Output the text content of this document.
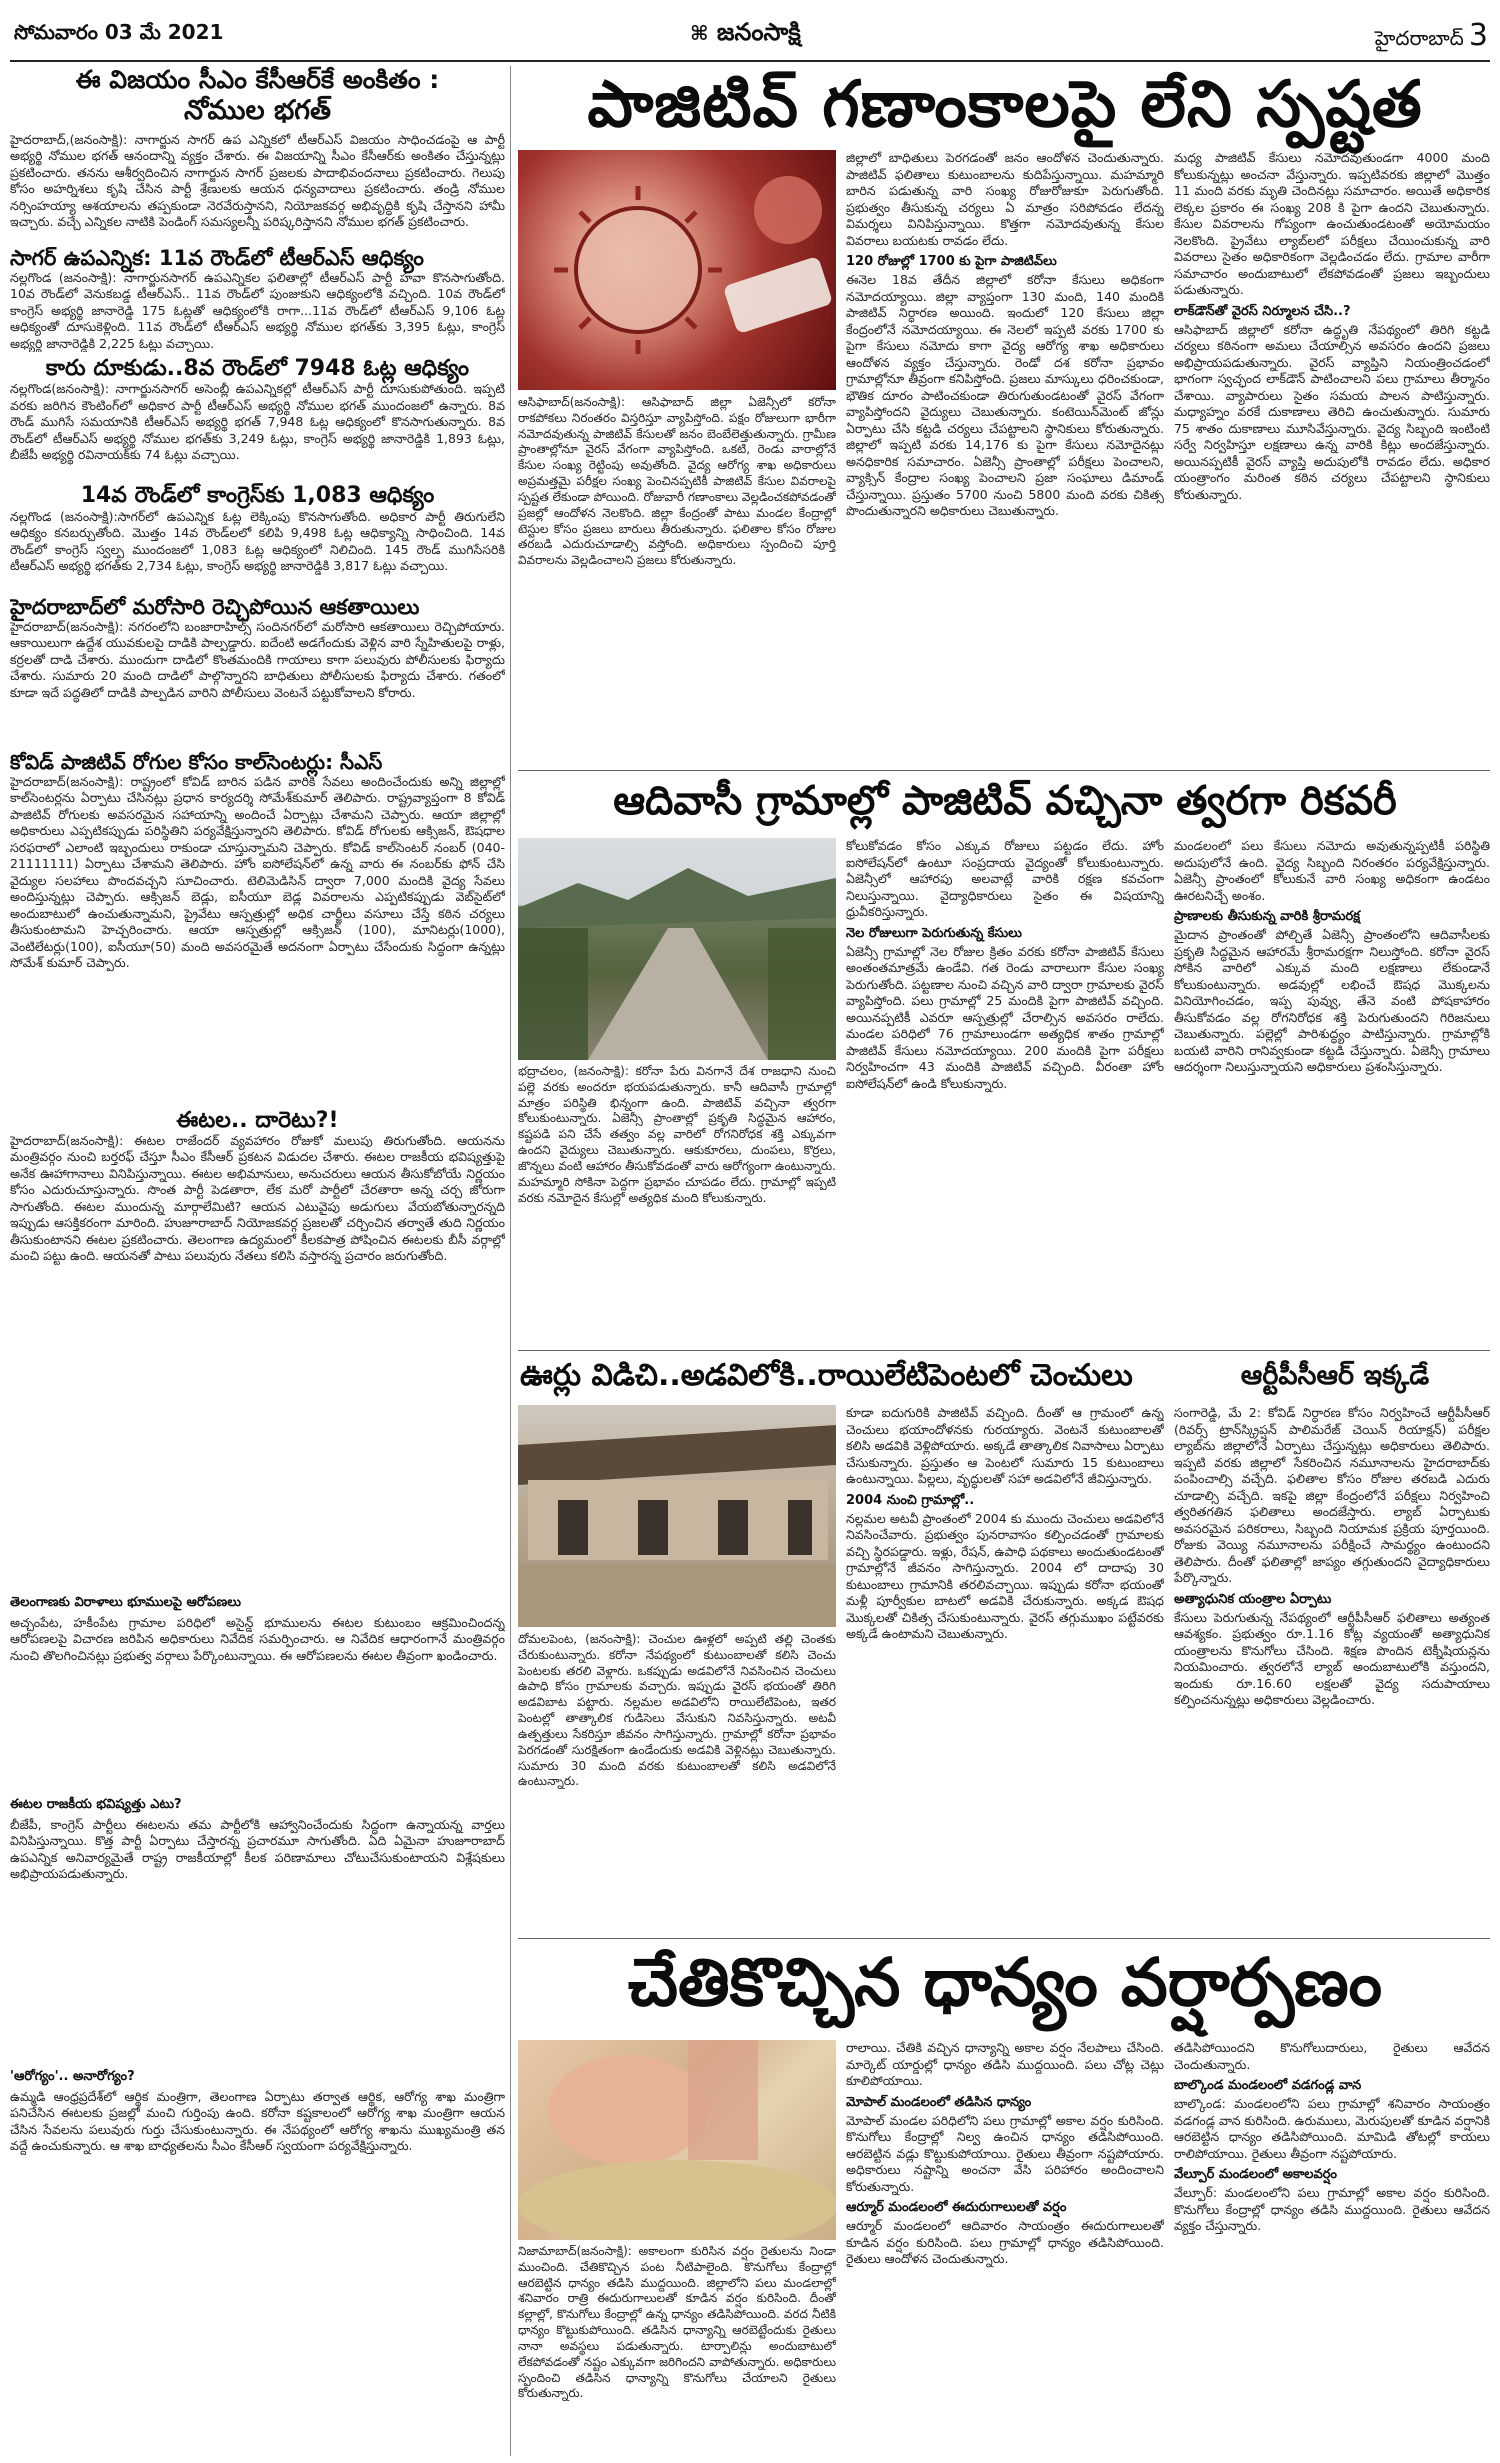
సోమవారం 03 మే 2021	⌘ జనంసాక్షి	హైదరాబాద్ 3
ఈ విజయం సీఎం కేసీఆర్‌కే అంకితం :
నోముల భగత్
హైదరాబాద్‌,(జనంసాక్షి): నాగార్జున సాగర్‌ ఉప ఎన్నికలో టీఆర్‌ఎస్‌ విజయం సాధించడంపై ఆ పార్టీ అభ్యర్థి నోముల భగత్‌ ఆనందాన్ని వ్యక్తం చేశారు. ఈ విజయాన్ని సీఎం కేసీఆర్‌కు అంకితం చేస్తున్నట్లు ప్రకటించారు. తనను ఆశీర్వదించిన నాగార్జున సాగర్‌ ప్రజలకు పాదాభివందనాలు ప్రకటించారు. గెలుపు కోసం అహర్నిశలు కృషి చేసిన పార్టీ శ్రేణులకు ఆయన ధన్యవాదాలు ప్రకటించారు. తండ్రి నోముల నర్సింహయ్యా ఆశయాలను తప్పకుండా నెరవేరుస్తానని, నియోజకవర్గ అభివృద్ధికి కృషి చేస్తానని హామీ ఇచ్చారు. వచ్చే ఎన్నికల నాటికి పెండింగ్‌ సమస్యలన్నీ పరిష్కరిస్తానని నోముల భగత్‌ ప్రకటించారు.
సాగర్‌ ఉపఎన్నిక: 11వ రౌండ్‌లో టీఆర్‌ఎస్‌ ఆధిక్యం
నల్లగొండ (జనంసాక్షి): నాగార్జునసాగర్‌ ఉపఎన్నికల ఫలితాల్లో టీఆర్‌ఎస్‌ పార్టీ హవా కొనసాగుతోంది. 10వ రౌండ్‌లో వెనుకబడ్డ టీఆర్‌ఎస్‌.. 11వ రౌండ్‌లో పుంజుకుని ఆధిక్యంలోకి వచ్చింది. 10వ రౌండ్‌లో కాంగ్రెస్‌ అభ్యర్థి జానారెడ్డి 175 ఓట్లతో ఆధిక్యంలోకి రాగా...11వ రౌండ్‌లో టీఆర్‌ఎస్‌ 9,106 ఓట్ల ఆధిక్యంతో దూసుకెళ్లింది. 11వ రౌండ్‌లో టీఆర్‌ఎస్‌ అభ్యర్థి నోముల భగత్‌కు 3,395 ఓట్లు, కాంగ్రెస్‌ అభ్యర్థి జానారెడ్డికి 2,225 ఓట్లు వచ్చాయి.
కారు దూకుడు..8వ రౌండ్‌లో 7948 ఓట్ల ఆధిక్యం
నల్లగొండ(జనంసాక్షి): నాగార్జునసాగర్‌ అసెంబ్లీ ఉపఎన్నికల్లో టీఆర్‌ఎస్‌ పార్టీ దూసుకుపోతుంది. ఇప్పటి వరకు జరిగిన కౌంటింగ్‌లో అధికార పార్టీ టీఆర్‌ఎస్‌ అభ్యర్థి నోముల భగత్‌ ముందంజలో ఉన్నారు. 8వ రౌండ్‌ ముగిసే సమయానికి టీఆర్‌ఎస్‌ అభ్యర్థి భగత్‌ 7,948 ఓట్ల ఆధిక్యంలో కొనసాగుతున్నారు. 8వ రౌండ్‌లో టీఆర్‌ఎస్‌ అభ్యర్థి నోముల భగత్‌కు 3,249 ఓట్లు, కాంగ్రెస్‌ అభ్యర్థి జానారెడ్డికి 1,893 ఓట్లు, బీజేపీ అభ్యర్థి రవినాయక్‌కు 74 ఓట్లు వచ్చాయి.
14వ రౌండ్‌లో కాంగ్రెస్‌కు 1,083 ఆధిక్యం
నల్లగొండ (జనంసాక్షి):సాగర్‌లో ఉపఎన్నిక ఓట్ల లెక్కింపు కొనసాగుతోంది. అధికార పార్టీ తిరుగులేని ఆధిక్యం కనబర్చుతోంది. మొత్తం 14వ రౌండ్‌లలో కలిపి 9,498 ఓట్ల ఆధిక్యాన్ని సాధించింది. 14వ రౌండ్‌లో కాంగ్రెస్‌ స్వల్ప ముందంజలో 1,083 ఓట్ల ఆధిక్యంలో నిలిచింది. 145 రౌండ్‌ ముగిసేసరికి టీఆర్‌ఎస్‌ అభ్యర్థి భగత్‌కు 2,734 ఓట్లు, కాంగ్రెస్‌ అభ్యర్థి జానారెడ్డికి 3,817 ఓట్లు వచ్చాయి.
హైదరాబాద్‌లో మరోసారి రెచ్చిపోయిన ఆకతాయిలు
హైదరాబాద్‌(జనంసాక్షి): నగరంలోని బంజారాహిల్స్‌ సందినగర్‌లో మరోసారి ఆకతాయిలు రెచ్చిపోయారు. ఆకాయిలుగా ఉద్దేశ యువకులపై దాడికి పాల్పడ్డారు. ఐదేంటి అడగేందుకు వెళ్లిన వారి స్నేహితులపై రాళ్లు, కర్రలతో దాడి చేశారు. ముందుగా దాడిలో కొంతమందికి గాయాలు కాగా పలువురు పోలీసులకు ఫిర్యాదు చేశారు. సుమారు 20 మంది దాడిలో పాల్గొన్నారని బాధితులు పోలీసులకు ఫిర్యాదు చేశారు. గతంలో కూడా ఇదే పద్ధతిలో దాడికి పాల్పడిన వారిని పోలీసులు వెంటనే పట్టుకోవాలని కోరారు.
కోవిడ్‌ పాజిటివ్‌ రోగుల కోసం కాల్‌సెంటర్లు: సీఎస్‌
హైదరాబాద్‌(జనంసాక్షి): రాష్ట్రంలో కోవిడ్‌ బారిన పడిన వారికి సేవలు అందించేందుకు అన్ని జిల్లాల్లో కాల్‌సెంటర్లను ఏర్పాటు చేసినట్లు ప్రధాన కార్యదర్శి సోమేశ్‌కుమార్‌ తెలిపారు. రాష్ట్రవ్యాప్తంగా 8 కోవిడ్‌ పాజిటివ్‌ రోగులకు అవసరమైన సహాయాన్ని అందించే ఏర్పాట్లు చేశామని చెప్పారు. ఆయా జిల్లాల్లో అధికారులు ఎప్పటికప్పుడు పరిస్థితిని పర్యవేక్షిస్తున్నారని తెలిపారు. కోవిడ్‌ రోగులకు ఆక్సిజన్‌, ఔషధాల సరఫరాలో ఎలాంటి ఇబ్బందులు రాకుండా చూస్తున్నామని చెప్పారు. కోవిడ్‌ కాల్‌సెంటర్‌ నంబర్‌ (040-21111111) ఏర్పాటు చేశామని తెలిపారు. హోం ఐసోలేషన్‌లో ఉన్న వారు ఈ నంబర్‌కు ఫోన్‌ చేసి వైద్యుల సలహాలు పొందవచ్చని సూచించారు. టెలిమెడిసిన్‌ ద్వారా 7,000 మందికి వైద్య సేవలు అందిస్తున్నట్లు చెప్పారు. ఆక్సిజన్‌ బెడ్లు, ఐసీయూ బెడ్ల వివరాలను ఎప్పటికప్పుడు వెబ్‌సైట్‌లో అందుబాటులో ఉంచుతున్నామని, ప్రైవేటు ఆస్పత్రుల్లో అధిక చార్జీలు వసూలు చేస్తే కఠిన చర్యలు తీసుకుంటామని హెచ్చరించారు. ఆయా ఆస్పత్రుల్లో ఆక్సిజన్‌ (100), మానిటర్లు(1000), వెంటిలేటర్లు(100), ఐసీయూ(50) మంది అవసరమైతే అదనంగా ఏర్పాటు చేసేందుకు సిద్ధంగా ఉన్నట్లు సోమేశ్‌ కుమార్‌ చెప్పారు.
ఈటల.. దారెటు?!
హైదరాబాద్‌(జనంసాక్షి): ఈటల రాజేందర్‌ వ్యవహారం రోజుకో మలుపు తిరుగుతోంది. ఆయనను మంత్రివర్గం నుంచి బర్తరఫ్‌ చేస్తూ సీఎం కేసీఆర్‌ ప్రకటన విడుదల చేశారు. ఈటల రాజకీయ భవిష్యత్తుపై అనేక ఊహాగానాలు వినిపిస్తున్నాయి. ఈటల అభిమానులు, అనుచరులు ఆయన తీసుకోబోయే నిర్ణయం కోసం ఎదురుచూస్తున్నారు. సొంత పార్టీ పెడతారా, లేక మరో పార్టీలో చేరతారా అన్న చర్చ జోరుగా సాగుతోంది. ఈటల ముందున్న మార్గాలేమిటి? ఆయన ఎటువైపు అడుగులు వేయబోతున్నారన్నది ఇప్పుడు ఆసక్తికరంగా మారింది. హుజూరాబాద్‌ నియోజకవర్గ ప్రజలతో చర్చించిన తర్వాతే తుది నిర్ణయం తీసుకుంటానని ఈటల ప్రకటించారు. తెలంగాణ ఉద్యమంలో కీలకపాత్ర పోషించిన ఈటలకు బీసీ వర్గాల్లో మంచి పట్టు ఉంది. ఆయనతో పాటు పలువురు నేతలు కలిసి వస్తారన్న ప్రచారం జరుగుతోంది.
తెలంగాణకు విరాళాలు భూములపై ఆరోపణలు
అచ్చంపేట, హకీంపేట గ్రామాల పరిధిలో అసైన్డ్‌ భూములను ఈటల కుటుంబం ఆక్రమించిందన్న ఆరోపణలపై విచారణ జరిపిన అధికారులు నివేదిక సమర్పించారు. ఆ నివేదిక ఆధారంగానే మంత్రివర్గం నుంచి తొలగించినట్లు ప్రభుత్వ వర్గాలు పేర్కొంటున్నాయి. ఈ ఆరోపణలను ఈటల తీవ్రంగా ఖండించారు.
ఈటల రాజకీయ భవిష్యత్తు ఎటు?
బీజేపీ, కాంగ్రెస్‌ పార్టీలు ఈటలను తమ పార్టీలోకి ఆహ్వానించేందుకు సిద్ధంగా ఉన్నాయన్న వార్తలు వినిపిస్తున్నాయి. కొత్త పార్టీ ఏర్పాటు చేస్తారన్న ప్రచారమూ సాగుతోంది. ఏది ఏమైనా హుజూరాబాద్‌ ఉపఎన్నిక అనివార్యమైతే రాష్ట్ర రాజకీయాల్లో కీలక పరిణామాలు చోటుచేసుకుంటాయని విశ్లేషకులు అభిప్రాయపడుతున్నారు.
'ఆరోగ్యం'.. అనారోగ్యం?
ఉమ్మడి ఆంధ్రప్రదేశ్‌లో ఆర్థిక మంత్రిగా, తెలంగాణ ఏర్పాటు తర్వాత ఆర్థిక, ఆరోగ్య శాఖ మంత్రిగా పనిచేసిన ఈటలకు ప్రజల్లో మంచి గుర్తింపు ఉంది. కరోనా కష్టకాలంలో ఆరోగ్య శాఖ మంత్రిగా ఆయన చేసిన సేవలను పలువురు గుర్తు చేసుకుంటున్నారు. ఈ నేపథ్యంలో ఆరోగ్య శాఖను ముఖ్యమంత్రి తన వద్దే ఉంచుకున్నారు. ఆ శాఖ బాధ్యతలను సీఎం కేసీఆర్‌ స్వయంగా పర్యవేక్షిస్తున్నారు.
పాజిటివ్‌ గణాంకాలపై లేని స్పష్టత
ఆసిఫాబాద్‌(జనంసాక్షి): ఆసిఫాబాద్‌ జిల్లా ఏజెన్సీలో కరోనా రాకపోకలు నిరంతరం విస్తరిస్తూ వ్యాపిస్తోంది. పక్షం రోజులుగా భారీగా నమోదవుతున్న పాజిటివ్‌ కేసులతో జనం బెంబేలెత్తుతున్నారు. గ్రామీణ ప్రాంతాల్లోనూ వైరస్‌ వేగంగా వ్యాపిస్తోంది. ఒకటి, రెండు వారాల్లోనే కేసుల సంఖ్య రెట్టింపు అవుతోంది. వైద్య ఆరోగ్య శాఖ అధికారులు అప్రమత్తమై పరీక్షల సంఖ్య పెంచినప్పటికీ పాజిటివ్‌ కేసుల వివరాలపై స్పష్టత లేకుండా పోయింది. రోజువారీ గణాంకాలు వెల్లడించకపోవడంతో ప్రజల్లో ఆందోళన నెలకొంది. జిల్లా కేంద్రంతో పాటు మండల కేంద్రాల్లో టెస్టుల కోసం ప్రజలు బారులు తీరుతున్నారు. ఫలితాల కోసం రోజుల తరబడి ఎదురుచూడాల్సి వస్తోంది. అధికారులు స్పందించి పూర్తి వివరాలను వెల్లడించాలని ప్రజలు కోరుతున్నారు.

జిల్లాలో బాధితులు పెరగడంతో జనం ఆందోళన చెందుతున్నారు. పాజిటివ్‌ ఫలితాలు కుటుంబాలను కుదిపేస్తున్నాయి. మహమ్మారి బారిన పడుతున్న వారి సంఖ్య రోజురోజుకూ పెరుగుతోంది. ప్రభుత్వం తీసుకున్న చర్యలు ఏ మాత్రం సరిపోవడం లేదన్న విమర్శలు వినిపిస్తున్నాయి. కొత్తగా నమోదవుతున్న కేసుల వివరాలు బయటకు రావడం లేదు.

120 రోజుల్లో 1700 కు పైగా పాజిటివ్‌లు

ఈనెల 18వ తేదీన జిల్లాలో కరోనా కేసులు అధికంగా నమోదయ్యాయి. జిల్లా వ్యాప్తంగా 130 మంది, 140 మందికి పాజిటివ్‌ నిర్ధారణ అయింది. ఇందులో 120 కేసులు జిల్లా కేంద్రంలోనే నమోదయ్యాయి. ఈ నెలలో ఇప్పటి వరకు 1700 కు పైగా కేసులు నమోదు కాగా వైద్య ఆరోగ్య శాఖ అధికారులు ఆందోళన వ్యక్తం చేస్తున్నారు. రెండో దశ కరోనా ప్రభావం గ్రామాల్లోనూ తీవ్రంగా కనిపిస్తోంది. ప్రజలు మాస్కులు ధరించకుండా, భౌతిక దూరం పాటించకుండా తిరుగుతుండటంతో వైరస్‌ వేగంగా వ్యాపిస్తోందని వైద్యులు చెబుతున్నారు. కంటెయిన్‌మెంట్‌ జోన్లు ఏర్పాటు చేసి కట్టడి చర్యలు చేపట్టాలని స్థానికులు కోరుతున్నారు. జిల్లాలో ఇప్పటి వరకు 14,176 కు పైగా కేసులు నమోదైనట్లు అనధికారిక సమాచారం. ఏజెన్సీ ప్రాంతాల్లో పరీక్షలు పెంచాలని, వ్యాక్సిన్‌ కేంద్రాల సంఖ్య పెంచాలని ప్రజా సంఘాలు డిమాండ్‌ చేస్తున్నాయి. ప్రస్తుతం 5700 నుంచి 5800 మంది వరకు చికిత్స పొందుతున్నారని అధికారులు చెబుతున్నారు.

మధ్య పాజిటివ్‌ కేసులు నమోదవుతుండగా 4000 మంది కోలుకున్నట్లు అంచనా వేస్తున్నారు. ఇప్పటివరకు జిల్లాలో మొత్తం 11 మంది వరకు మృతి చెందినట్లు సమాచారం. అయితే అధికారిక లెక్కల ప్రకారం ఈ సంఖ్య 208 కి పైగా ఉందని చెబుతున్నారు. కేసుల వివరాలను గోప్యంగా ఉంచుతుండటంతో అయోమయం నెలకొంది. ప్రైవేటు ల్యాబ్‌లలో పరీక్షలు చేయించుకున్న వారి వివరాలు సైతం అధికారికంగా వెల్లడించడం లేదు. గ్రామాల వారీగా సమాచారం అందుబాటులో లేకపోవడంతో ప్రజలు ఇబ్బందులు పడుతున్నారు.

లాక్‌డౌన్‌తో వైరస్‌ నిర్మూలన చేసి..?

ఆసిఫాబాద్‌ జిల్లాలో కరోనా ఉద్ధృతి నేపథ్యంలో తిరిగి కట్టడి చర్యలు కఠినంగా అమలు చేయాల్సిన అవసరం ఉందని ప్రజలు అభిప్రాయపడుతున్నారు. వైరస్‌ వ్యాప్తిని నియంత్రించడంలో భాగంగా స్వచ్ఛంద లాక్‌డౌన్‌ పాటించాలని పలు గ్రామాలు తీర్మానం చేశాయి. వ్యాపారులు సైతం సమయ పాలన పాటిస్తున్నారు. మధ్యాహ్నం వరకే దుకాణాలు తెరిచి ఉంచుతున్నారు. సుమారు 75 శాతం దుకాణాలు మూసివేస్తున్నారు. వైద్య సిబ్బంది ఇంటింటి సర్వే నిర్వహిస్తూ లక్షణాలు ఉన్న వారికి కిట్లు అందజేస్తున్నారు. అయినప్పటికీ వైరస్‌ వ్యాప్తి అదుపులోకి రావడం లేదు. అధికార యంత్రాంగం మరింత కఠిన చర్యలు చేపట్టాలని స్థానికులు కోరుతున్నారు.

ఆదివాసీ గ్రామాల్లో పాజిటివ్‌ వచ్చినా త్వరగా రికవరీ
భద్రాచలం, (జనంసాక్షి): కరోనా పేరు వినగానే దేశ రాజధాని నుంచి పల్లె వరకు అందరూ భయపడుతున్నారు. కానీ ఆదివాసీ గ్రామాల్లో మాత్రం పరిస్థితి భిన్నంగా ఉంది. పాజిటివ్‌ వచ్చినా త్వరగా కోలుకుంటున్నారు. ఏజెన్సీ ప్రాంతాల్లో ప్రకృతి సిద్ధమైన ఆహారం, కష్టపడి పని చేసే తత్వం వల్ల వారిలో రోగనిరోధక శక్తి ఎక్కువగా ఉందని వైద్యులు చెబుతున్నారు. ఆకుకూరలు, దుంపలు, కొర్రలు, జొన్నలు వంటి ఆహారం తీసుకోవడంతో వారు ఆరోగ్యంగా ఉంటున్నారు. మహమ్మారి సోకినా పెద్దగా ప్రభావం చూపడం లేదు. గ్రామాల్లో ఇప్పటి వరకు నమోదైన కేసుల్లో అత్యధిక మంది కోలుకున్నారు.

కోలుకోవడం కోసం ఎక్కువ రోజులు పట్టడం లేదు. హోం ఐసోలేషన్‌లో ఉంటూ సంప్రదాయ వైద్యంతో కోలుకుంటున్నారు. ఏజెన్సీలో ఆహారపు అలవాట్లే వారికి రక్షణ కవచంగా నిలుస్తున్నాయి. వైద్యాధికారులు సైతం ఈ విషయాన్ని ధ్రువీకరిస్తున్నారు.

నెల రోజులుగా పెరుగుతున్న కేసులు

ఏజెన్సీ గ్రామాల్లో నెల రోజుల క్రితం వరకు కరోనా పాజిటివ్‌ కేసులు అంతంతమాత్రమే ఉండేవి. గత రెండు వారాలుగా కేసుల సంఖ్య పెరుగుతోంది. పట్టణాల నుంచి వచ్చిన వారి ద్వారా గ్రామాలకు వైరస్‌ వ్యాపిస్తోంది. పలు గ్రామాల్లో 25 మందికి పైగా పాజిటివ్‌ వచ్చింది. అయినప్పటికీ ఎవరూ ఆస్పత్రుల్లో చేరాల్సిన అవసరం రాలేదు. మండల పరిధిలో 76 గ్రామాలుండగా అత్యధిక శాతం గ్రామాల్లో పాజిటివ్‌ కేసులు నమోదయ్యాయి. 200 మందికి పైగా పరీక్షలు నిర్వహించగా 43 మందికి పాజిటివ్‌ వచ్చింది. వీరంతా హోం ఐసోలేషన్‌లో ఉండి కోలుకున్నారు.

మండలంలో పలు కేసులు నమోదు అవుతున్నప్పటికీ పరిస్థితి అదుపులోనే ఉంది. వైద్య సిబ్బంది నిరంతరం పర్యవేక్షిస్తున్నారు. ఏజెన్సీ ప్రాంతంలో కోలుకునే వారి సంఖ్య అధికంగా ఉండటం ఊరటనిచ్చే అంశం.

ప్రాణాలకు తీసుకున్న వారికి శ్రీరామరక్ష

మైదాన ప్రాంతంతో పోల్చితే ఏజెన్సీ ప్రాంతంలోని ఆదివాసీలకు ప్రకృతి సిద్ధమైన ఆహారమే శ్రీరామరక్షగా నిలుస్తోంది. కరోనా వైరస్‌ సోకిన వారిలో ఎక్కువ మంది లక్షణాలు లేకుండానే కోలుకుంటున్నారు. అడవుల్లో లభించే ఔషధ మొక్కలను వినియోగించడం, ఇప్ప పువ్వు, తేనె వంటి పోషకాహారం తీసుకోవడం వల్ల రోగనిరోధక శక్తి పెరుగుతుందని గిరిజనులు చెబుతున్నారు. పల్లెల్లో పారిశుద్ధ్యం పాటిస్తున్నారు. గ్రామాల్లోకి బయటి వారిని రానివ్వకుండా కట్టడి చేస్తున్నారు. ఏజెన్సీ గ్రామాలు ఆదర్శంగా నిలుస్తున్నాయని అధికారులు ప్రశంసిస్తున్నారు.

ఊర్లు విడిచి..అడవిలోకి..రాయిలేటిపెంటలో చెంచులు	ఆర్టీపీసీఆర్‌ ఇక్కడే
దోమలపెంట, (జనంసాక్షి): చెంచుల ఊళ్లలో అప్పటి తల్లి చెంతకు చేరుకుంటున్నారు. కరోనా నేపథ్యంలో కుటుంబాలతో కలిసి చెంచు పెంటలకు తరలి వెళ్లారు. ఒకప్పుడు అడవిలోనే నివసించిన చెంచులు ఉపాధి కోసం గ్రామాలకు వచ్చారు. ఇప్పుడు వైరస్‌ భయంతో తిరిగి అడవిబాట పట్టారు. నల్లమల అడవిలోని రాయిలేటిపెంట, ఇతర పెంటల్లో తాత్కాలిక గుడిసెలు వేసుకుని నివసిస్తున్నారు. అటవీ ఉత్పత్తులు సేకరిస్తూ జీవనం సాగిస్తున్నారు. గ్రామాల్లో కరోనా ప్రభావం పెరగడంతో సురక్షితంగా ఉండేందుకు అడవికి వెళ్లినట్లు చెబుతున్నారు. సుమారు 30 మంది వరకు కుటుంబాలతో కలిసి అడవిలోనే ఉంటున్నారు.

కూడా ఐదుగురికి పాజిటివ్‌ వచ్చింది. దీంతో ఆ గ్రామంలో ఉన్న చెంచులు భయాందోళనకు గురయ్యారు. వెంటనే కుటుంబాలతో కలిసి అడవికి వెళ్లిపోయారు. అక్కడే తాత్కాలిక నివాసాలు ఏర్పాటు చేసుకున్నారు. ప్రస్తుతం ఆ పెంటలో సుమారు 15 కుటుంబాలు ఉంటున్నాయి. పిల్లలు, వృద్ధులతో సహా అడవిలోనే జీవిస్తున్నారు.

2004 నుంచి గ్రామాల్లో..

నల్లమల అటవీ ప్రాంతంలో 2004 కు ముందు చెంచులు అడవిలోనే నివసించేవారు. ప్రభుత్వం పునరావాసం కల్పించడంతో గ్రామాలకు వచ్చి స్థిరపడ్డారు. ఇళ్లు, రేషన్‌, ఉపాధి పథకాలు అందుతుండటంతో గ్రామాల్లోనే జీవనం సాగిస్తున్నారు. 2004 లో దాదాపు 30 కుటుంబాలు గ్రామానికి తరలివచ్చాయి. ఇప్పుడు కరోనా భయంతో మళ్లీ పూర్వీకుల బాటలో అడవికి చేరుకున్నారు. అక్కడ ఔషధ మొక్కలతో చికిత్స చేసుకుంటున్నారు. వైరస్‌ తగ్గుముఖం పట్టేవరకు అక్కడే ఉంటామని చెబుతున్నారు.

సంగారెడ్డి, మే 2: కోవిడ్‌ నిర్ధారణ కోసం నిర్వహించే ఆర్టీపీసీఆర్‌ (రివర్స్‌ ట్రాన్‌స్క్రిప్షన్‌ పాలిమరేజ్‌ చెయిన్‌ రియాక్షన్‌) పరీక్షల ల్యాబ్‌ను జిల్లాలోనే ఏర్పాటు చేస్తున్నట్లు అధికారులు తెలిపారు. ఇప్పటి వరకు జిల్లాలో సేకరించిన నమూనాలను హైదరాబాద్‌కు పంపించాల్సి వచ్చేది. ఫలితాల కోసం రోజుల తరబడి ఎదురు చూడాల్సి వచ్చేది. ఇకపై జిల్లా కేంద్రంలోనే పరీక్షలు నిర్వహించి త్వరితగతిన ఫలితాలు అందజేస్తారు. ల్యాబ్‌ ఏర్పాటుకు అవసరమైన పరికరాలు, సిబ్బంది నియామక ప్రక్రియ పూర్తయింది. రోజుకు వెయ్యి నమూనాలను పరీక్షించే సామర్థ్యం ఉంటుందని తెలిపారు. దీంతో ఫలితాల్లో జాప్యం తగ్గుతుందని వైద్యాధికారులు పేర్కొన్నారు.

అత్యాధునిక యంత్రాల ఏర్పాటు

కేసులు పెరుగుతున్న నేపథ్యంలో ఆర్టీపీసీఆర్‌ ఫలితాలు అత్యంత ఆవశ్యకం. ప్రభుత్వం రూ.1.16 కోట్ల వ్యయంతో అత్యాధునిక యంత్రాలను కొనుగోలు చేసింది. శిక్షణ పొందిన టెక్నీషియన్లను నియమించారు. త్వరలోనే ల్యాబ్‌ అందుబాటులోకి వస్తుందని, ఇందుకు రూ.16.60 లక్షలతో వైద్య సదుపాయాలు కల్పించనున్నట్లు అధికారులు వెల్లడించారు.

చేతికొచ్చిన ధాన్యం వర్షార్పణం
నిజామాబాద్‌(జనంసాక్షి): అకాలంగా కురిసిన వర్షం రైతులను నిండా ముంచింది. చేతికొచ్చిన పంట నీటిపాలైంది. కొనుగోలు కేంద్రాల్లో ఆరబెట్టిన ధాన్యం తడిసి ముద్దయింది. జిల్లాలోని పలు మండలాల్లో శనివారం రాత్రి ఈదురుగాలులతో కూడిన వర్షం కురిసింది. దీంతో కల్లాల్లో, కొనుగోలు కేంద్రాల్లో ఉన్న ధాన్యం తడిసిపోయింది. వరద నీటికి ధాన్యం కొట్టుకుపోయింది. తడిసిన ధాన్యాన్ని ఆరబెట్టేందుకు రైతులు నానా అవస్థలు పడుతున్నారు. టార్పాలిన్లు అందుబాటులో లేకపోవడంతో నష్టం ఎక్కువగా జరిగిందని వాపోతున్నారు. అధికారులు స్పందించి తడిసిన ధాన్యాన్ని కొనుగోలు చేయాలని రైతులు కోరుతున్నారు.

రాలాయి. చేతికి వచ్చిన ధాన్యాన్ని అకాల వర్షం నేలపాలు చేసింది. మార్కెట్‌ యార్డుల్లో ధాన్యం తడిసి ముద్దయింది. పలు చోట్ల చెట్లు కూలిపోయాయి.

మోపాల్‌ మండలంలో తడిసిన ధాన్యం

మోపాల్‌ మండల పరిధిలోని పలు గ్రామాల్లో అకాల వర్షం కురిసింది. కొనుగోలు కేంద్రాల్లో నిల్వ ఉంచిన ధాన్యం తడిసిపోయింది. ఆరబెట్టిన వడ్లు కొట్టుకుపోయాయి. రైతులు తీవ్రంగా నష్టపోయారు. అధికారులు నష్టాన్ని అంచనా వేసి పరిహారం అందించాలని కోరుతున్నారు.

ఆర్మూర్‌ మండలంలో ఈదురుగాలులతో వర్షం

ఆర్మూర్‌ మండలంలో ఆదివారం సాయంత్రం ఈదురుగాలులతో కూడిన వర్షం కురిసింది. పలు గ్రామాల్లో ధాన్యం తడిసిపోయింది. రైతులు ఆందోళన చెందుతున్నారు.

తడిసిపోయిందని కొనుగోలుదారులు, రైతులు ఆవేదన చెందుతున్నారు.

బాల్కొండ మండలంలో వడగండ్ల వాన

బాల్కొండ: మండలంలోని పలు గ్రామాల్లో శనివారం సాయంత్రం వడగండ్ల వాన కురిసింది. ఉరుములు, మెరుపులతో కూడిన వర్షానికి ఆరబెట్టిన ధాన్యం తడిసిపోయింది. మామిడి తోటల్లో కాయలు రాలిపోయాయి. రైతులు తీవ్రంగా నష్టపోయారు.

వేల్పూర్‌ మండలంలో అకాలవర్షం

వేల్పూర్‌: మండలంలోని పలు గ్రామాల్లో అకాల వర్షం కురిసింది. కొనుగోలు కేంద్రాల్లో ధాన్యం తడిసి ముద్దయింది. రైతులు ఆవేదన వ్యక్తం చేస్తున్నారు.
